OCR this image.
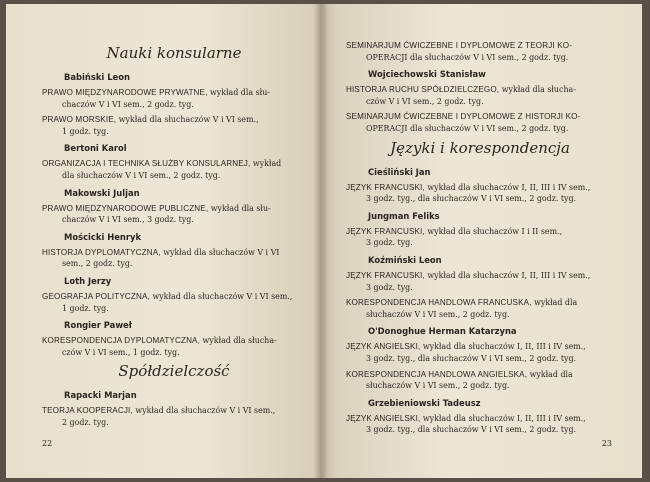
Nauki konsularne
Babiński Leon
PRAWO MIĘDZYNARODOWE PRYWATNE, wykład dla słu-
chaczów V i VI sem., 2 godz. tyg.
PRAWO MORSKIE, wykład dla słuchaczów V i VI sem.,
1 godz. tyg.
Bertoni Karol
ORGANIZACJA I TECHNIKA SŁUŻBY KONSULARNEJ, wykład
dla słuchaczów V i VI sem., 2 godz. tyg.
Makowski Juljan
PRAWO MIĘDZYNARODOWE PUBLICZNE, wykład dla słu-
chaczów V i VI sem., 3 godz. tyg.
Mościcki Henryk
HISTORJA DYPLOMATYCZNA, wykład dla słuchaczów V i VI
sem., 2 godz. tyg.
Loth Jerzy
GEOGRAFJA POLITYCZNA, wykład dla słuchaczów V i VI sem.,
1 godz. tyg.
Rongier Paweł
KORESPONDENCJA DYPLOMATYCZNA, wykład dla słucha-
czów V i VI sem., 1 godz. tyg.
Spółdzielczość
Rapacki Marjan
TEORJA KOOPERACJI, wykład dla słuchaczów V i VI sem.,
2 godz. tyg.
22
SEMINARJUM ĆWICZEBNE I DYPLOMOWE Z TEORJI KO-
OPERACJI dla słuchaczów V i VI sem., 2 godz. tyg.
Wojciechowski Stanisław
HISTORJA RUCHU SPÓŁDZIELCZEGO, wykład dla słucha-
czów V i VI sem., 2 godz. tyg.
SEMINARJUM ĆWICZEBNE I DYPLOMOWE Z HISTORJI KO-
OPERACJI dla słuchaczów V i VI sem., 2 godz. tyg.
Języki i korespondencja
Cieśliński Jan
JĘZYK FRANCUSKI, wykład dla słuchaczów I, II, III i IV sem.,
3 godz. tyg., dla słuchaczów V i VI sem., 2 godz. tyg.
Jungman Feliks
JĘZYK FRANCUSKI, wykład dla słuchaczów I i II sem.,
3 godz. tyg.
Koźmiński Leon
JĘZYK FRANCUSKI, wykład dla słuchaczów I, II, III i IV sem.,
3 godz. tyg.
KORESPONDENCJA HANDLOWA FRANCUSKA, wykład dla
słuchaczów V i VI sem., 2 godz. tyg.
O'Donoghue Herman Katarzyna
JĘZYK ANGIELSKI, wykład dla słuchaczów I, II, III i IV sem.,
3 godz. tyg., dla słuchaczów V i VI sem., 2 godz. tyg.
KORESPONDENCJA HANDLOWA ANGIELSKA, wykład dla
słuchaczów V i VI sem., 2 godz. tyg.
Grzebieniowski Tadeusz
JĘZYK ANGIELSKI, wykład dla słuchaczów I, II, III i IV sem.,
3 godz. tyg., dla słuchaczów V i VI sem., 2 godz. tyg.
23
